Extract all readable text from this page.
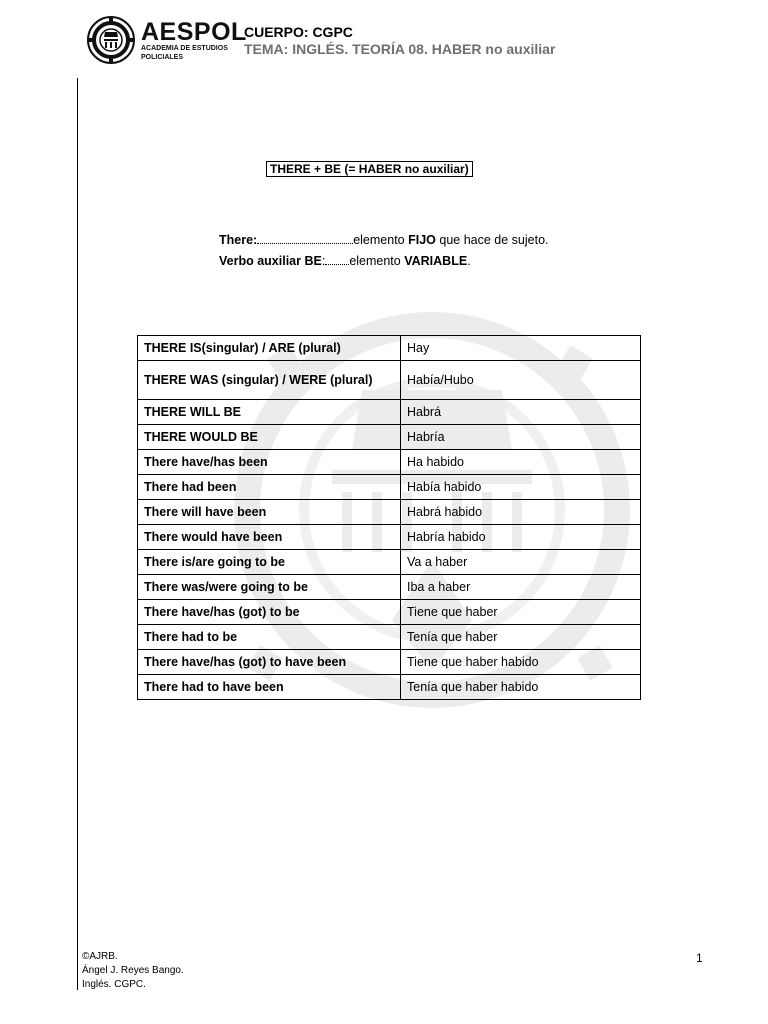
AESPOL
ACADEMIA DE ESTUDIOS
POLICIALES
CUERPO: CGPC
TEMA: INGLÉS. TEORÍA 08. HABER no auxiliar
THERE + BE (= HABER no auxiliar)
There:	elemento FIJO que hace de sujeto.
Verbo auxiliar BE: elemento VARIABLE.
THERE IS(singular) / ARE (plural)	Hay
THERE WAS (singular) / WERE (plural)	Había/Hubo
THERE WILL BE	Habrá
THERE WOULD BE	Habría
There have/has been	Ha habido
There had been	Había habido
There will have been	Habrá habido
There would have been	Habría habido
There is/are going to be	Va a haber
There was/were going to be	Iba a haber
There have/has (got) to be	Tiene que haber
There had to be	Tenía que haber
There have/has (got) to have been	Tiene que haber habido
There had to have been	Tenía que haber habido
©AJRB.
Ángel J. Reyes Bango.
Inglés. CGPC.
1
